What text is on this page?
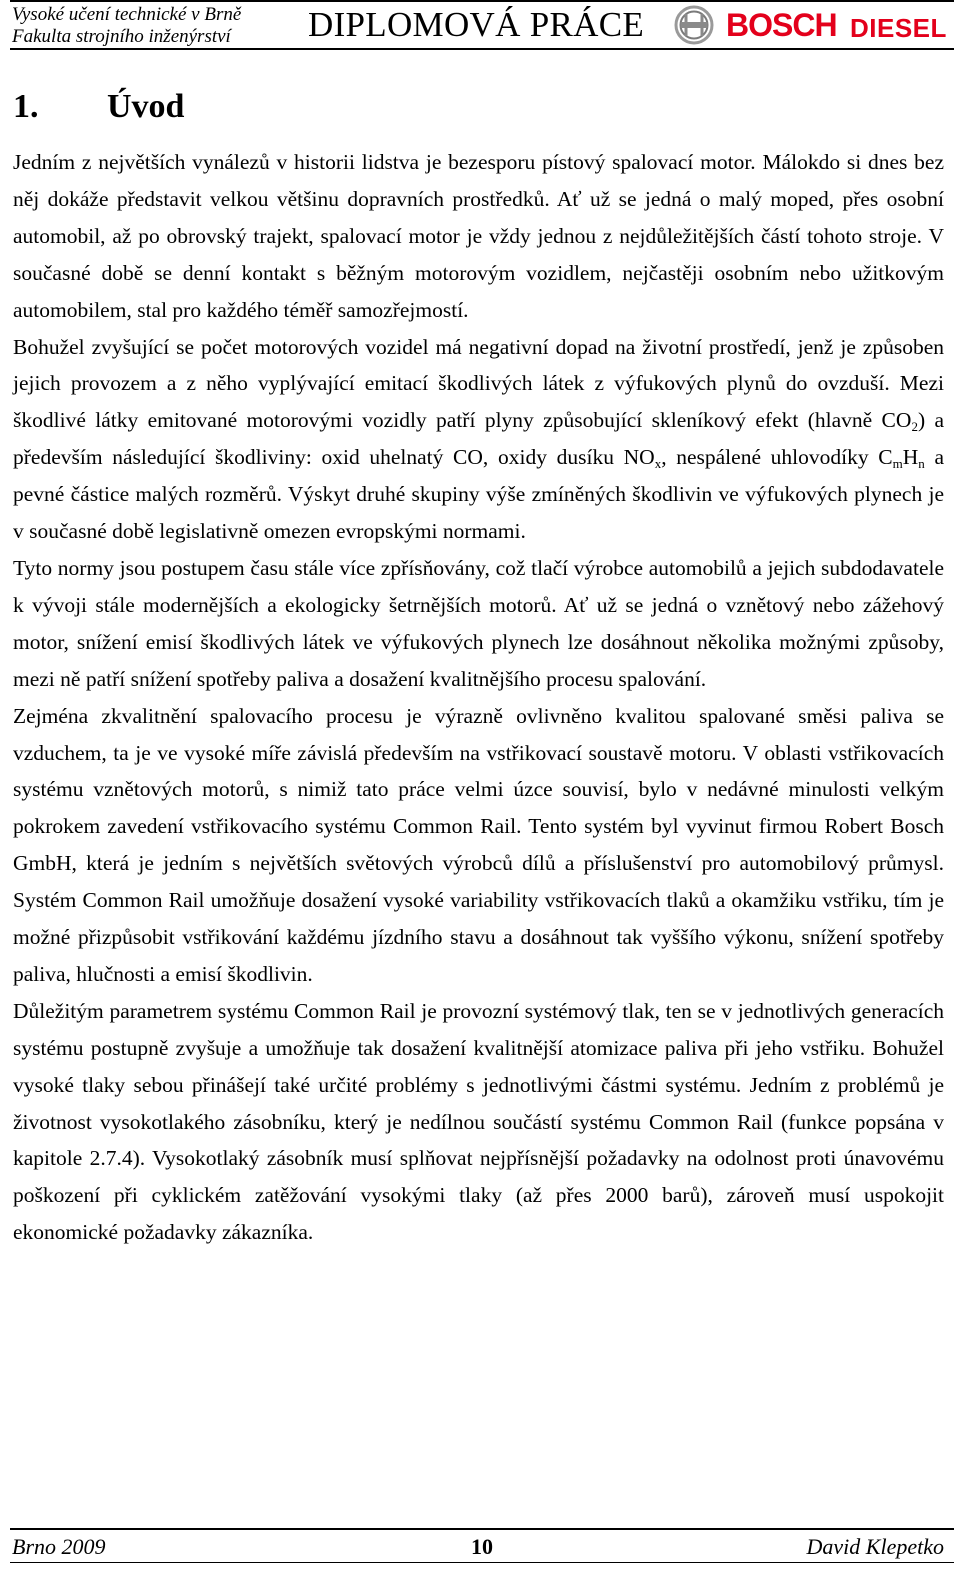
Vysoké učení technické v Brně
Fakulta strojního inženýrství DIPLOMOVÁ PRÁCE	BOSCH DIESEL
1. Úvod

Jedním z největších vynálezů v historii lidstva je bezesporu pístový spalovací motor. Málokdo si dnes bez něj dokáže představit velkou většinu dopravních prostředků. Ať už se jedná o malý moped, přes osobní automobil, až po obrovský trajekt, spalovací motor je vždy jednou z nejdůležitějších částí tohoto stroje. V současné době se denní kontakt s běžným motorovým vozidlem, nejčastěji osobním nebo užitkovým automobilem, stal pro každého téměř samozřejmostí.

Bohužel zvyšující se počet motorových vozidel má negativní dopad na životní prostředí, jenž je způsoben jejich provozem a z něho vyplývající emitací škodlivých látek z výfukových plynů do ovzduší. Mezi škodlivé látky emitované motorovými vozidly patří plyny způsobující skleníkový efekt (hlavně $CO_2$) a především následující škodliviny: oxid uhelnatý CO, oxidy dusíku $NO_x$, nespálené uhlovodíky $C_mH_n$ a pevné částice malých rozměrů. Výskyt druhé skupiny výše zmíněných škodlivin ve výfukových plynech je v současné době legislativně omezen evropskými normami.

Tyto normy jsou postupem času stále více zpřísňovány, což tlačí výrobce automobilů a jejich subdodavatele k vývoji stále modernějších a ekologicky šetrnějších motorů. Ať už se jedná o vznětový nebo zážehový motor, snížení emisí škodlivých látek ve výfukových plynech lze dosáhnout několika možnými způsoby, mezi ně patří snížení spotřeby paliva a dosažení kvalitnějšího procesu spalování.

Zejména zkvalitnění spalovacího procesu je výrazně ovlivněno kvalitou spalované směsi paliva se vzduchem, ta je ve vysoké míře závislá především na vstřikovací soustavě motoru. V oblasti vstřikovacích systému vznětových motorů, s nimiž tato práce velmi úzce souvisí, bylo v nedávné minulosti velkým pokrokem zavedení vstřikovacího systému Common Rail. Tento systém byl vyvinut firmou Robert Bosch GmbH, která je jedním s největších světových výrobců dílů a příslušenství pro automobilový průmysl. Systém Common Rail umožňuje dosažení vysoké variability vstřikovacích tlaků a okamžiku vstřiku, tím je možné přizpůsobit vstřikování každému jízdního stavu a dosáhnout tak vyššího výkonu, snížení spotřeby paliva, hlučnosti a emisí škodlivin.

Důležitým parametrem systému Common Rail je provozní systémový tlak, ten se v jednotlivých generacích systému postupně zvyšuje a umožňuje tak dosažení kvalitnější atomizace paliva při jeho vstřiku. Bohužel vysoké tlaky sebou přinášejí také určité problémy s jednotlivými částmi systému. Jedním z problémů je životnost vysokotlakého zásobníku, který je nedílnou součástí systému Common Rail (funkce popsána v kapitole 2.7.4). Vysokotlaký zásobník musí splňovat nejpřísnější požadavky na odolnost proti únavovému poškození při cyklickém zatěžování vysokými tlaky (až přes 2000 barů), zároveň musí uspokojit ekonomické požadavky zákazníka.

Brno 2009	10	David Klepetko
